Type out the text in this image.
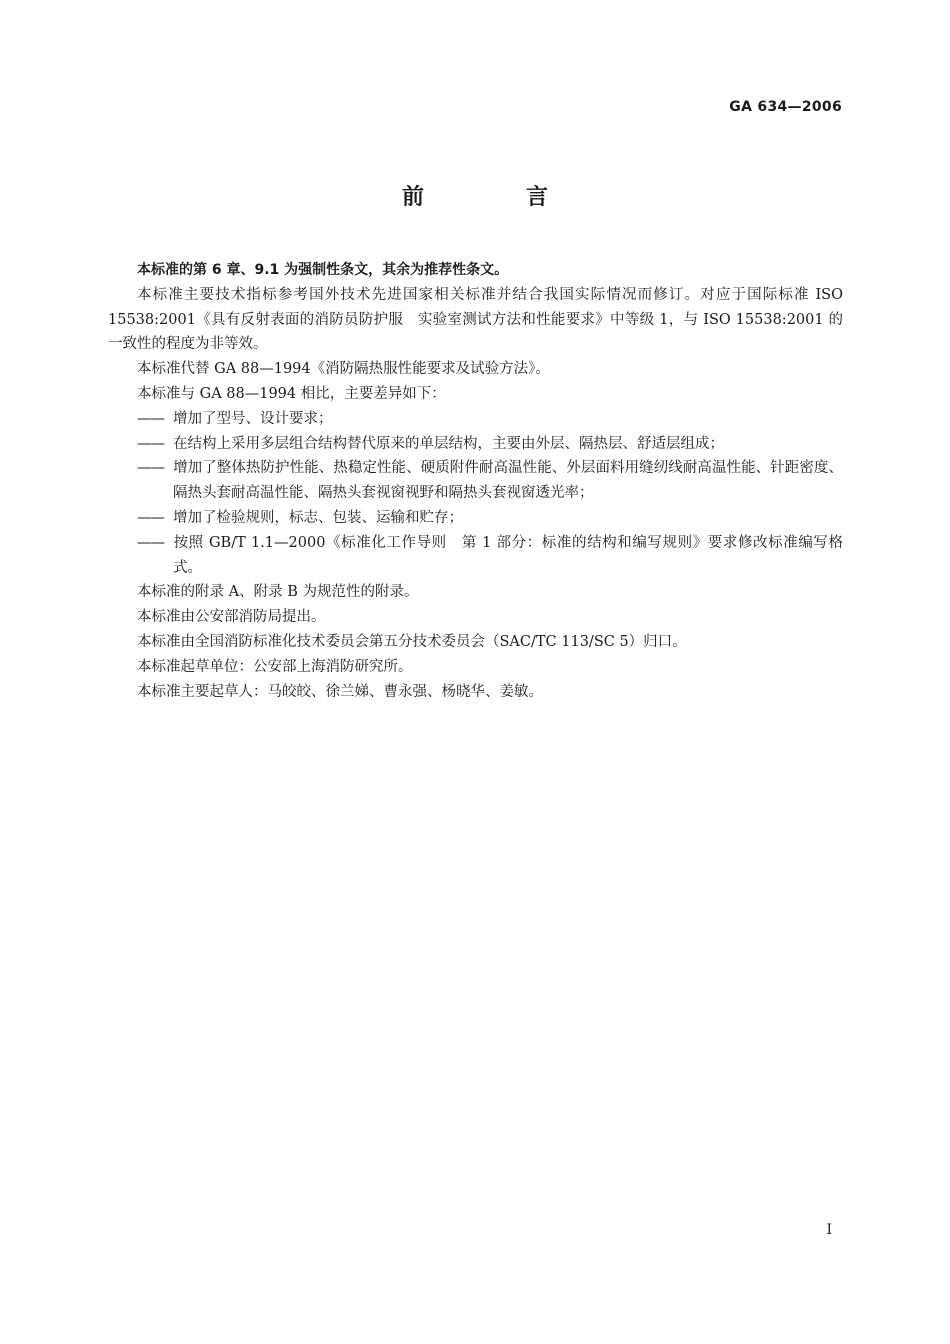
GA 634—2006
前　言

本标准的第 6 章、9.1 为强制性条文，其余为推荐性条文。

本标准主要技术指标参考国外技术先进国家相关标准并结合我国实际情况而修订。对应于国际标准 ISO 15538:2001《具有反射表面的消防员防护服　实验室测试方法和性能要求》中等级 1，与 ISO 15538:2001 的一致性的程度为非等效。

本标准代替 GA 88—1994《消防隔热服性能要求及试验方法》。

本标准与 GA 88—1994 相比，主要差异如下：

—— 增加了型号、设计要求；

—— 在结构上采用多层组合结构替代原来的单层结构，主要由外层、隔热层、舒适层组成；

—— 增加了整体热防护性能、热稳定性能、硬质附件耐高温性能、外层面料用缝纫线耐高温性能、针距密度、隔热头套耐高温性能、隔热头套视窗视野和隔热头套视窗透光率；

—— 增加了检验规则，标志、包装、运输和贮存；

—— 按照 GB/T 1.1—2000《标准化工作导则　第 1 部分：标准的结构和编写规则》要求修改标准编写格式。

本标准的附录 A、附录 B 为规范性的附录。

本标准由公安部消防局提出。

本标准由全国消防标准化技术委员会第五分技术委员会（SAC/TC 113/SC 5）归口。

本标准起草单位：公安部上海消防研究所。

本标准主要起草人：马皎皎、徐兰娣、曹永强、杨晓华、姜敏。

I
